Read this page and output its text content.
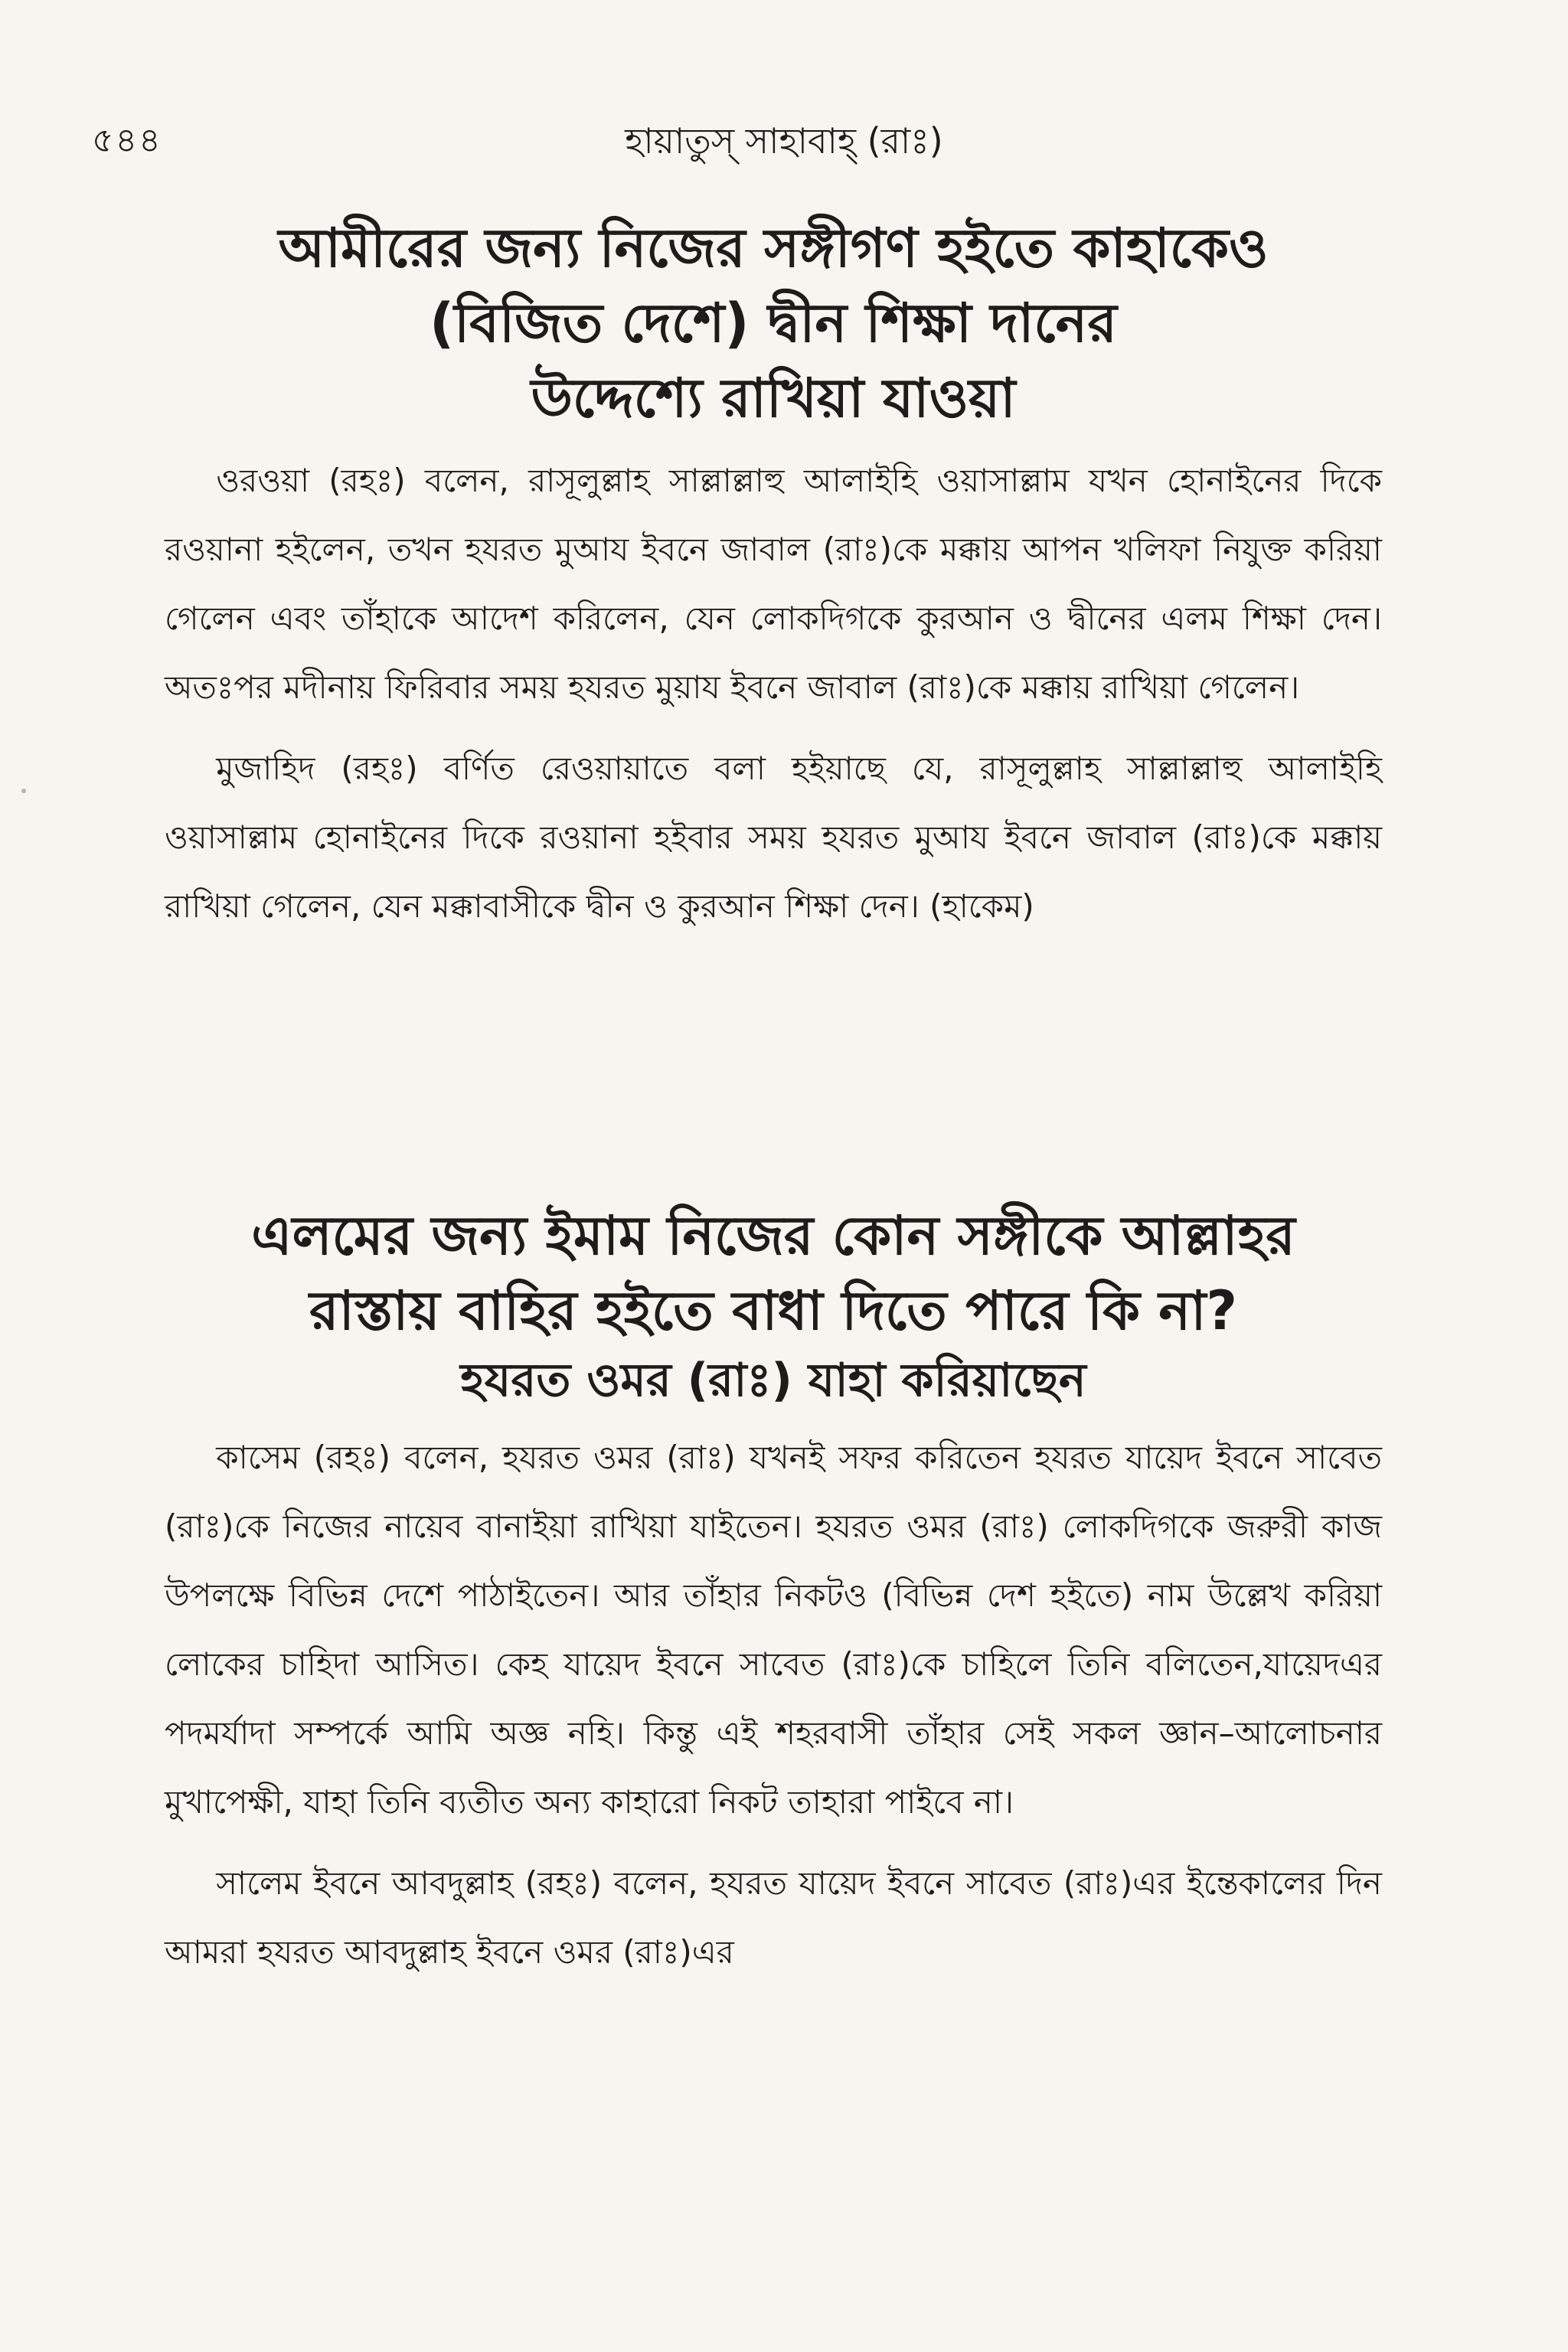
৫৪৪	হায়াতুস্ সাহাবাহ্ (রাঃ)
আমীরের জন্য নিজের সঙ্গীগণ হইতে কাহাকেও
(বিজিত দেশে) দ্বীন শিক্ষা দানের
উদ্দেশ্যে রাখিয়া যাওয়া

ওরওয়া (রহঃ) বলেন, রাসূলুল্লাহ সাল্লাল্লাহু আলাইহি ওয়াসাল্লাম যখন হোনাইনের দিকে রওয়ানা হইলেন, তখন হযরত মুআয ইবনে জাবাল (রাঃ)কে মক্কায় আপন খলিফা নিযুক্ত করিয়া গেলেন এবং তাঁহাকে আদেশ করিলেন, যেন লোকদিগকে কুরআন ও দ্বীনের এলম শিক্ষা দেন। অতঃপর মদীনায় ফিরিবার সময় হযরত মুয়ায ইবনে জাবাল (রাঃ)কে মক্কায় রাখিয়া গেলেন।

মুজাহিদ (রহঃ) বর্ণিত রেওয়ায়াতে বলা হইয়াছে যে, রাসূলুল্লাহ সাল্লাল্লাহু আলাইহি ওয়াসাল্লাম হোনাইনের দিকে রওয়ানা হইবার সময় হযরত মুআয ইবনে জাবাল (রাঃ)কে মক্কায় রাখিয়া গেলেন, যেন মক্কাবাসীকে দ্বীন ও কুরআন শিক্ষা দেন। (হাকেম)

এলমের জন্য ইমাম নিজের কোন সঙ্গীকে আল্লাহর
রাস্তায় বাহির হইতে বাধা দিতে পারে কি না?
হযরত ওমর (রাঃ) যাহা করিয়াছেন

কাসেম (রহঃ) বলেন, হযরত ওমর (রাঃ) যখনই সফর করিতেন হযরত যায়েদ ইবনে সাবেত (রাঃ)কে নিজের নায়েব বানাইয়া রাখিয়া যাইতেন। হযরত ওমর (রাঃ) লোকদিগকে জরুরী কাজ উপলক্ষে বিভিন্ন দেশে পাঠাইতেন। আর তাঁহার নিকটও (বিভিন্ন দেশ হইতে) নাম উল্লেখ করিয়া লোকের চাহিদা আসিত। কেহ যায়েদ ইবনে সাবেত (রাঃ)কে চাহিলে তিনি বলিতেন,যায়েদএর পদমর্যাদা সম্পর্কে আমি অজ্ঞ নহি। কিন্তু এই শহরবাসী তাঁহার সেই সকল জ্ঞান–আলোচনার মুখাপেক্ষী, যাহা তিনি ব্যতীত অন্য কাহারো নিকট তাহারা পাইবে না।

সালেম ইবনে আবদুল্লাহ (রহঃ) বলেন, হযরত যায়েদ ইবনে সাবেত (রাঃ)এর ইন্তেকালের দিন আমরা হযরত আবদুল্লাহ ইবনে ওমর (রাঃ)এর
